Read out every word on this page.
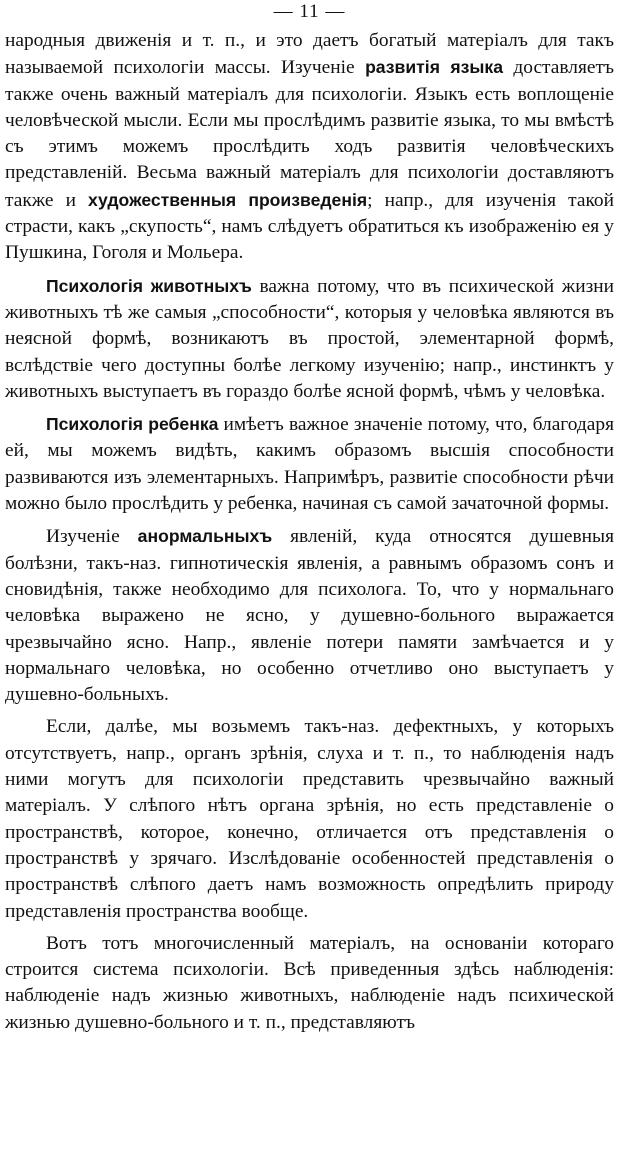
— 11 —

народныя движенія и т. п., и это даетъ богатый матеріалъ для такъ называемой психологіи массы. Изученіе развитія языка доставляетъ также очень важный матеріалъ для психологіи. Языкъ есть воплощеніе человѣческой мысли. Если мы прослѣдимъ развитіе языка, то мы вмѣстѣ съ этимъ можемъ прослѣдить ходъ развитія человѣческихъ представленій. Весьма важный матеріалъ для психологіи доставляютъ также и художественныя произведенія; напр., для изученія такой страсти, какъ „скупость“, намъ слѣдуетъ обратиться къ изображенію ея у Пушкина, Гоголя и Мольера.

Психологія животныхъ важна потому, что въ психической жизни животныхъ тѣ же самыя „способности“, которыя у человѣка являются въ неясной формѣ, возникаютъ въ простой, элементарной формѣ, вслѣдствіе чего доступны болѣе легкому изученію; напр., инстинктъ у животныхъ выступаетъ въ гораздо болѣе ясной формѣ, чѣмъ у человѣка.

Психологія ребенка имѣетъ важное значеніе потому, что, благодаря ей, мы можемъ видѣть, какимъ образомъ высшія способности развиваются изъ элементарныхъ. Напримѣръ, развитіе способности рѣчи можно было прослѣдить у ребенка, начиная съ самой зачаточной формы.

Изученіе анормальныхъ явленій, куда относятся душевныя болѣзни, такъ-наз. гипнотическія явленія, а равнымъ образомъ сонъ и сновидѣнія, также необходимо для психолога. То, что у нормальнаго человѣка выражено не ясно, у душевно-больного выражается чрезвычайно ясно. Напр., явленіе потери памяти замѣчается и у нормальнаго человѣка, но особенно отчетливо оно выступаетъ у душевно-больныхъ.

Если, далѣе, мы возьмемъ такъ-наз. дефектныхъ, у которыхъ отсутствуетъ, напр., органъ зрѣнія, слуха и т. п., то наблюденія надъ ними могутъ для психологіи представить чрезвычайно важный матеріалъ. У слѣпого нѣтъ органа зрѣнія, но есть представленіе о пространствѣ, которое, конечно, отличается отъ представленія о пространствѣ у зрячаго. Изслѣдованіе особенностей представленія о пространствѣ слѣпого даетъ намъ возможность опредѣлить природу представленія пространства вообще.

Вотъ тотъ многочисленный матеріалъ, на основаніи котораго строится система психологіи. Всѣ приведенныя здѣсь наблюденія: наблюденіе надъ жизнью животныхъ, наблюденіе надъ психической жизнью душевно-больного и т. п., представляютъ
